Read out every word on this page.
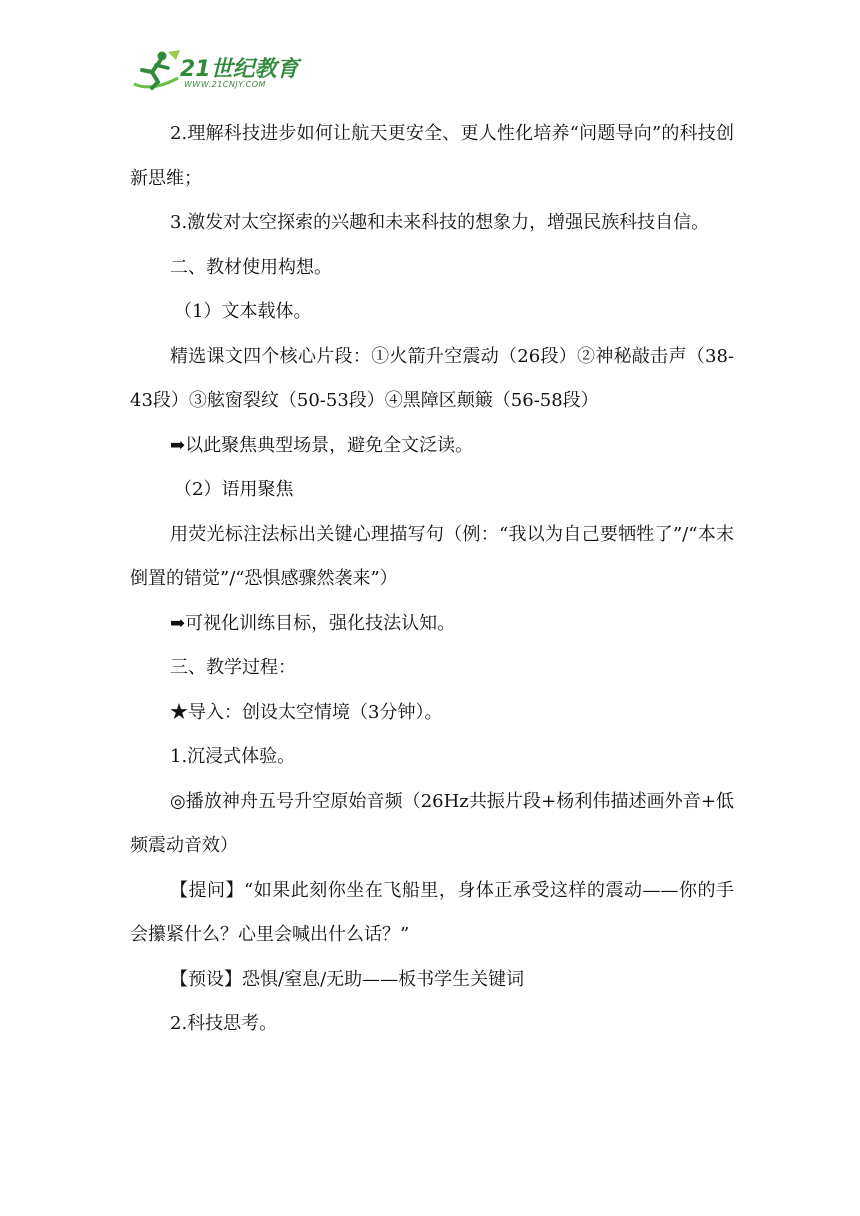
21世纪教育
WWW.21CNJY.COM

2.理解科技进步如何让航天更安全、更人性化培养“问题导向”的科技创新思维；

3.激发对太空探索的兴趣和未来科技的想象力，增强民族科技自信。

二、教材使用构想。

（1）文本载体。

精选课文四个核心片段：①火箭升空震动（26段）②神秘敲击声（38-43段）③舷窗裂纹（50-53段）④黑障区颠簸（56-58段）

➡以此聚焦典型场景，避免全文泛读。

（2）语用聚焦

用荧光标注法标出关键心理描写句（例：“我以为自己要牺牲了”/“本末倒置的错觉”/“恐惧感骤然袭来”）

➡可视化训练目标，强化技法认知。

三、教学过程：

★导入：创设太空情境（3分钟）。

1.沉浸式体验。

◎播放神舟五号升空原始音频（26Hz共振片段+杨利伟描述画外音+低频震动音效）

【提问】“如果此刻你坐在飞船里，身体正承受这样的震动——你的手会攥紧什么？心里会喊出什么话？”

【预设】恐惧/窒息/无助——板书学生关键词

2.科技思考。
